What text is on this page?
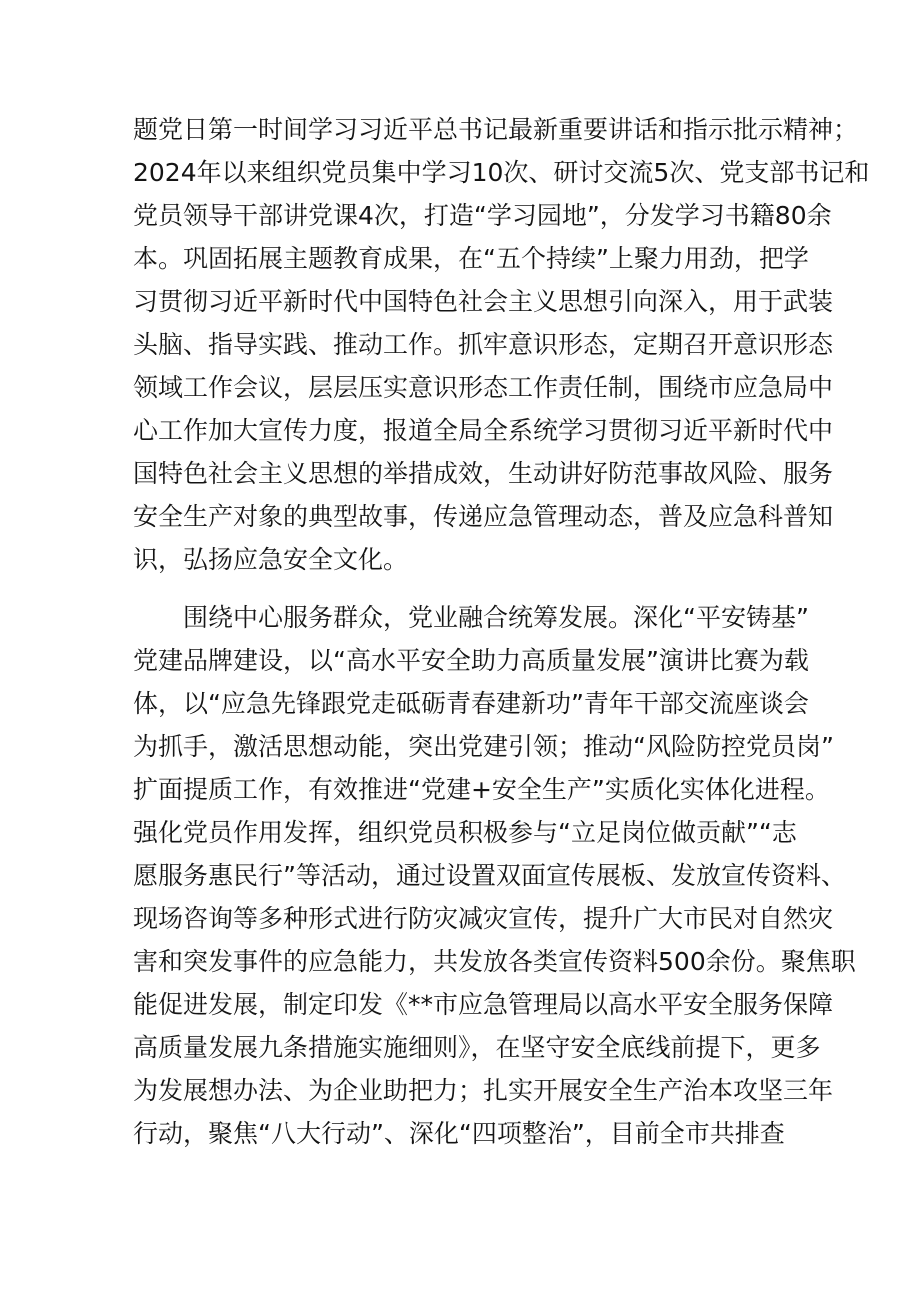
题党日第一时间学习习近平总书记最新重要讲话和指示批示精神；
2024年以来组织党员集中学习10次、研讨交流5次、党支部书记和
党员领导干部讲党课4次，打造“学习园地”，分发学习书籍80余
本。巩固拓展主题教育成果，在“五个持续”上聚力用劲，把学
习贯彻习近平新时代中国特色社会主义思想引向深入，用于武装
头脑、指导实践、推动工作。抓牢意识形态，定期召开意识形态
领域工作会议，层层压实意识形态工作责任制，围绕市应急局中
心工作加大宣传力度，报道全局全系统学习贯彻习近平新时代中
国特色社会主义思想的举措成效，生动讲好防范事故风险、服务
安全生产对象的典型故事，传递应急管理动态，普及应急科普知
识，弘扬应急安全文化。
围绕中心服务群众，党业融合统筹发展。深化“平安铸基”
党建品牌建设，以“高水平安全助力高质量发展”演讲比赛为载
体，以“应急先锋跟党走砥砺青春建新功”青年干部交流座谈会
为抓手，激活思想动能，突出党建引领；推动“风险防控党员岗”
扩面提质工作，有效推进“党建+安全生产”实质化实体化进程。
强化党员作用发挥，组织党员积极参与“立足岗位做贡献”“志
愿服务惠民行”等活动，通过设置双面宣传展板、发放宣传资料、
现场咨询等多种形式进行防灾减灾宣传，提升广大市民对自然灾
害和突发事件的应急能力，共发放各类宣传资料500余份。聚焦职
能促进发展，制定印发《**市应急管理局以高水平安全服务保障
高质量发展九条措施实施细则》，在坚守安全底线前提下，更多
为发展想办法、为企业助把力；扎实开展安全生产治本攻坚三年
行动，聚焦“八大行动”、深化“四项整治”，目前全市共排查
